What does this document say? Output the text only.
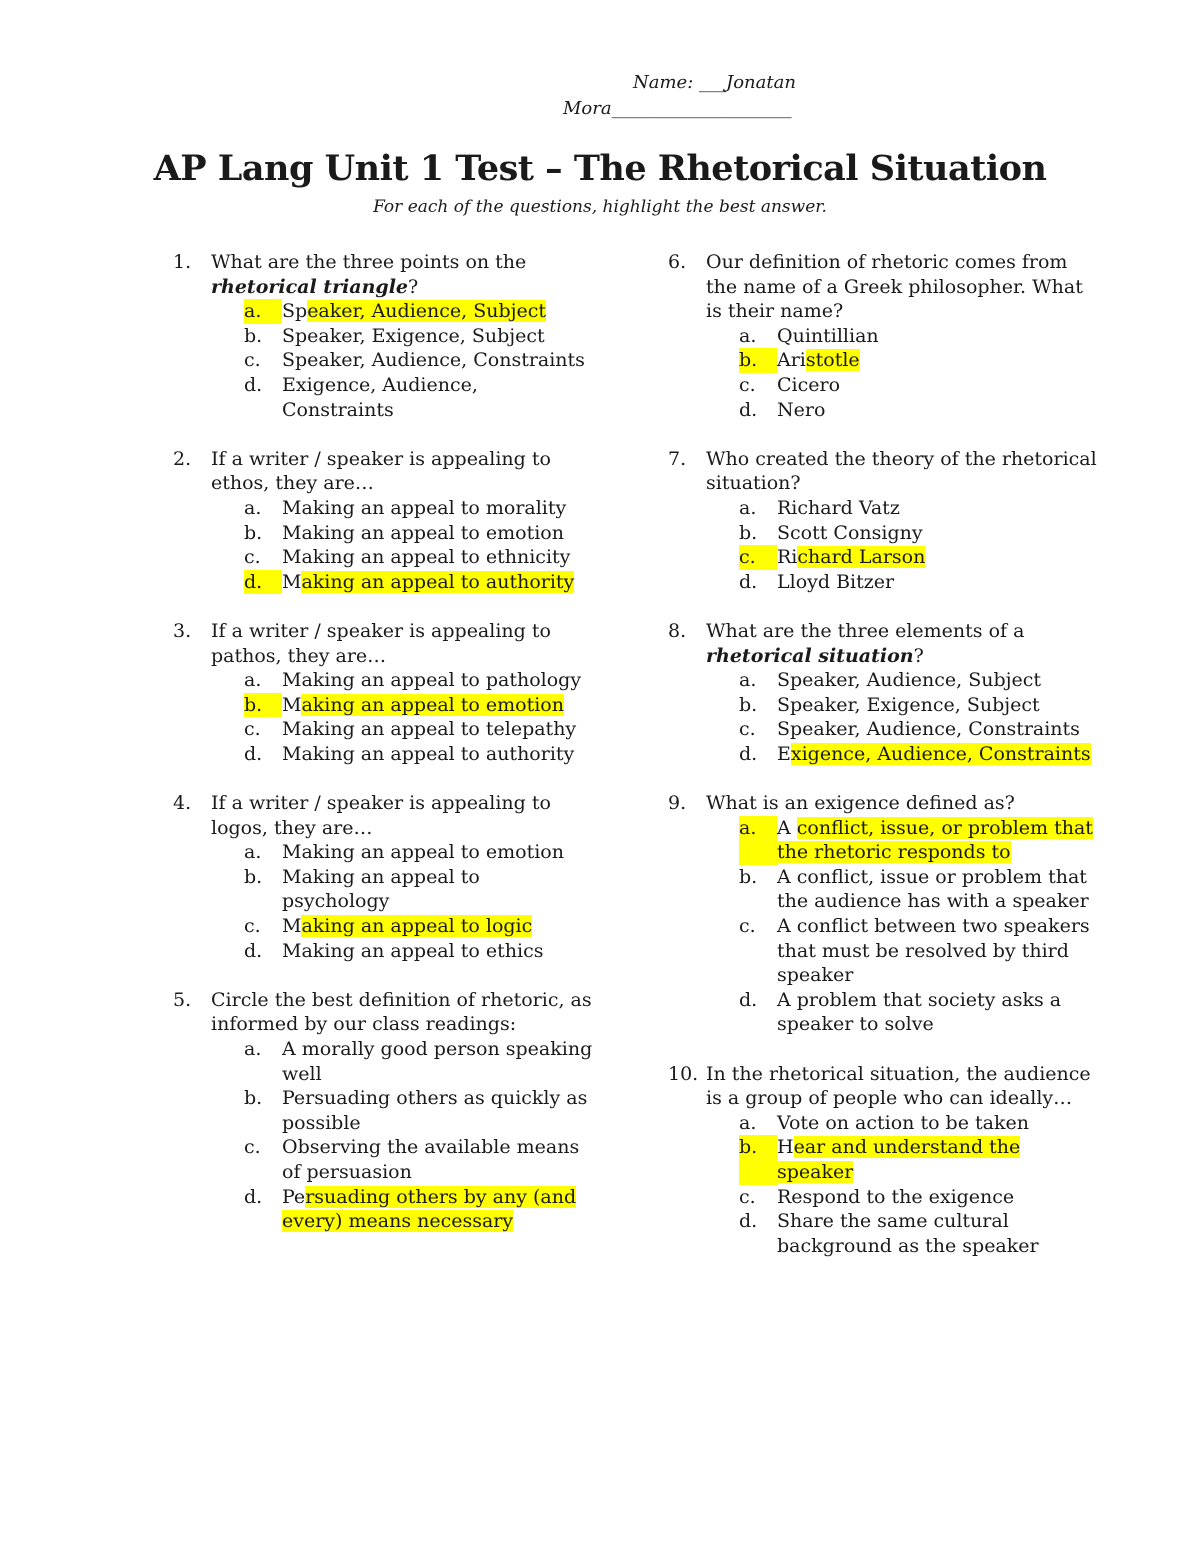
Name: ___Jonatan
Mora____________________
AP Lang Unit 1 Test – The Rhetorical Situation
For each of the questions, highlight the best answer.
1.	What are the three points on the rhetorical triangle?
a.	Speaker, Audience, Subject
b.	Speaker, Exigence, Subject
c.	Speaker, Audience, Constraints
d.	Exigence, Audience, Constraints
2.	If a writer / speaker is appealing to ethos, they are…
a.	Making an appeal to morality
b.	Making an appeal to emotion
c.	Making an appeal to ethnicity
d.	Making an appeal to authority
3.	If a writer / speaker is appealing to pathos, they are…
a.	Making an appeal to pathology
b.	Making an appeal to emotion
c.	Making an appeal to telepathy
d.	Making an appeal to authority
4.	If a writer / speaker is appealing to logos, they are…
a.	Making an appeal to emotion
b.	Making an appeal to psychology
c.	Making an appeal to logic
d.	Making an appeal to ethics
5.	Circle the best definition of rhetoric, as informed by our class readings:
a.	A morally good person speaking well
b.	Persuading others as quickly as possible
c.	Observing the available means of persuasion
d.	Persuading others by any (and every) means necessary
6.	Our definition of rhetoric comes from the name of a Greek philosopher. What is their name?
a.	Quintillian
b.	Aristotle
c.	Cicero
d.	Nero
7.	Who created the theory of the rhetorical situation?
a.	Richard Vatz
b.	Scott Consigny
c.	Richard Larson
d.	Lloyd Bitzer
8.	What are the three elements of a rhetorical situation?
a.	Speaker, Audience, Subject
b.	Speaker, Exigence, Subject
c.	Speaker, Audience, Constraints
d.	Exigence, Audience, Constraints
9.	What is an exigence defined as?
a.	A conflict, issue, or problem that the rhetoric responds to
b.	A conflict, issue or problem that the audience has with a speaker
c.	A conflict between two speakers that must be resolved by third speaker
d.	A problem that society asks a speaker to solve
10. In the rhetorical situation, the audience is a group of people who can ideally…
a.	Vote on action to be taken
b.	Hear and understand the speaker
c.	Respond to the exigence
d.	Share the same cultural background as the speaker
